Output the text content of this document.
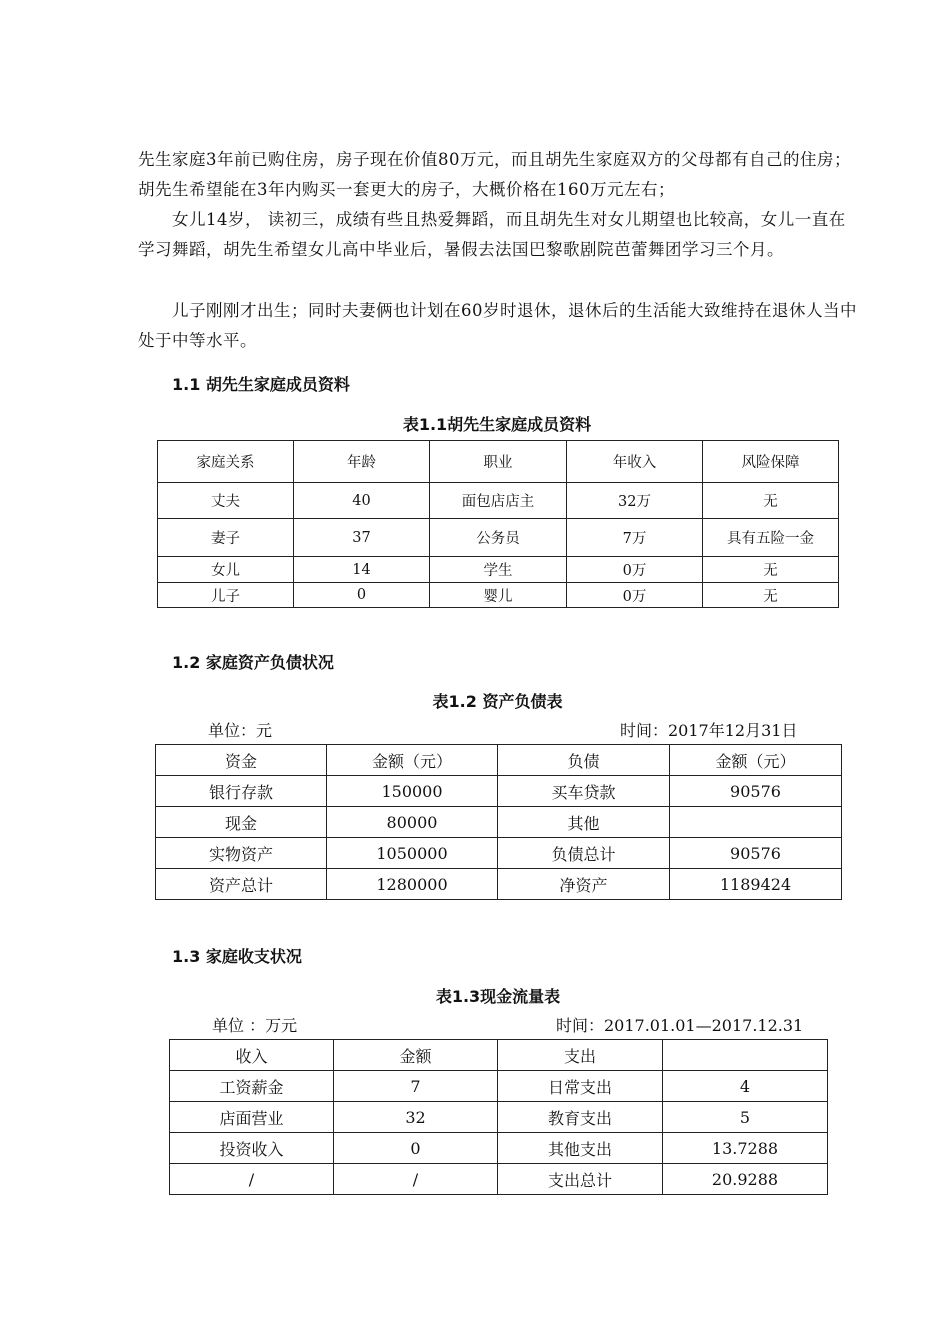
先生家庭3年前已购住房，房子现在价值80万元，而且胡先生家庭双方的父母都有自己的住房；胡先生希望能在3年内购买一套更大的房子，大概价格在160万元左右；

女儿14岁， 读初三，成绩有些且热爱舞蹈，而且胡先生对女儿期望也比较高，女儿一直在学习舞蹈，胡先生希望女儿高中毕业后，暑假去法国巴黎歌剧院芭蕾舞团学习三个月。

儿子刚刚才出生；同时夫妻俩也计划在60岁时退休，退休后的生活能大致维持在退休人当中处于中等水平。

1.1 胡先生家庭成员资料

表1.1胡先生家庭成员资料

家庭关系	年龄	职业	年收入	风险保障
丈夫	40	面包店店主	32万	无
妻子	37	公务员	7万	具有五险一金
女儿	14	学生	0万	无
儿子	0	婴儿	0万	无

1.2 家庭资产负债状况

表1.2 资产负债表

单位：元	时间：2017年12月31日

资金	金额（元）	负债	金额（元）
银行存款	150000	买车贷款	90576
现金	80000	其他	
实物资产	1050000	负债总计	90576
资产总计	1280000	净资产	1189424

1.3 家庭收支状况

表1.3现金流量表

单位 ：万元	时间：2017.01.01—2017.12.31

收入	金额	支出	
工资薪金	7	日常支出	4
店面营业	32	教育支出	5
投资收入	0	其他支出	13.7288
/	/	支出总计	20.9288
